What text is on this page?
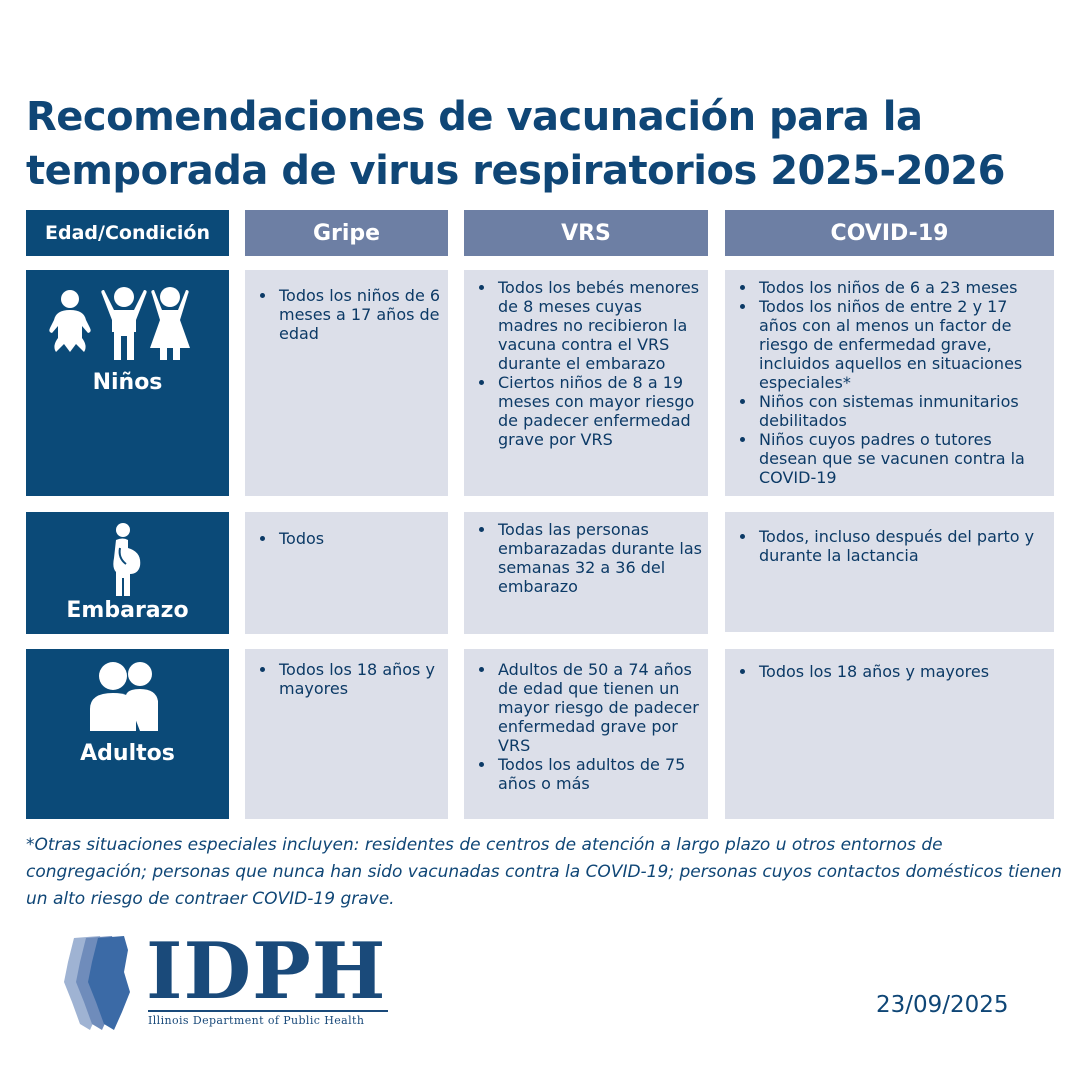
Recomendaciones de vacunación para la
temporada de virus respiratorios 2025-2026
Edad/Condición	Gripe	VRS	COVID-19
Niños
• Todos los niños de 6 meses a 17 años de edad
• Todos los bebés menores de 8 meses cuyas madres no recibieron la vacuna contra el VRS durante el embarazo
• Ciertos niños de 8 a 19 meses con mayor riesgo de padecer enfermedad grave por VRS
• Todos los niños de 6 a 23 meses
• Todos los niños de entre 2 y 17 años con al menos un factor de riesgo de enfermedad grave, incluidos aquellos en situaciones especiales*
• Niños con sistemas inmunitarios debilitados
• Niños cuyos padres o tutores desean que se vacunen contra la COVID-19
Embarazo
• Todos
•	Todas las personas embarazadas durante las semanas 32 a 36 del embarazo
• Todos, incluso después del parto y durante la lactancia
Adultos
• Todos los 18 años y mayores
• Adultos de 50 a 74 años de edad que tienen un mayor riesgo de padecer enfermedad grave por VRS
• Todos los adultos de 75 años o más
• Todos los 18 años y mayores
*Otras situaciones especiales incluyen: residentes de centros de atención a largo plazo u otros entornos de congregación; personas que nunca han sido vacunadas contra la COVID-19; personas cuyos contactos domésticos tienen un alto riesgo de contraer COVID-19 grave.
IDPH
Illinois Department of Public Health
23/09/2025
